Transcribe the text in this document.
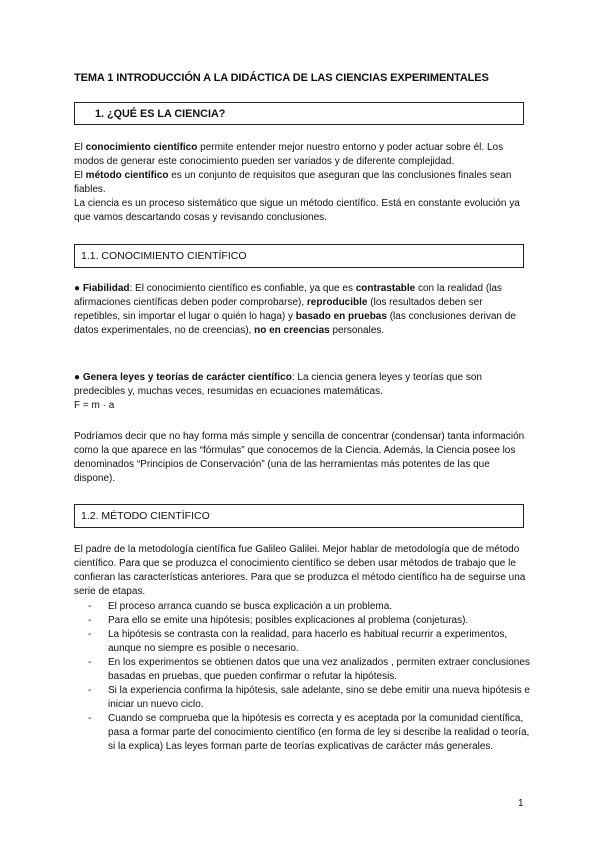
TEMA 1 INTRODUCCIÓN A LA DIDÁCTICA DE LAS CIENCIAS EXPERIMENTALES
1. ¿QUÉ ES LA CIENCIA?

El conocimiento científico permite entender mejor nuestro entorno y poder actuar sobre él. Los modos de generar este conocimiento pueden ser variados y de diferente complejidad.
El método científico es un conjunto de requisitos que aseguran que las conclusiones finales sean fiables.
La ciencia es un proceso sistemático que sigue un método científico. Está en constante evolución ya que vamos descartando cosas y revisando conclusiones.

1.1. CONOCIMIENTO CIENTÍFICO

● Fiabilidad: El conocimiento científico es confiable, ya que es contrastable con la realidad (las afirmaciones científicas deben poder comprobarse), reproducible (los resultados deben ser repetibles, sin importar el lugar o quién lo haga) y basado en pruebas (las conclusiones derivan de datos experimentales, no de creencias), no en creencias personales.

● Genera leyes y teorías de carácter científico: La ciencia genera leyes y teorías que son predecibles y, muchas veces, resumidas en ecuaciones matemáticas.
F = m · a

Podríamos decir que no hay forma más simple y sencilla de concentrar (condensar) tanta información como la que aparece en las “fórmulas” que conocemos de la Ciencia. Además, la Ciencia posee los denominados “Principios de Conservación” (una de las herramientas más potentes de las que dispone).

1.2. MÉTODO CIENTÍFICO

El padre de la metodología científica fue Galileo Galilei. Mejor hablar de metodología que de método científico. Para que se produzca el conocimiento científico se deben usar métodos de trabajo que le confieran las características anteriores. Para que se produzca el método científico ha de seguirse una serie de etapas.

- El proceso arranca cuando se busca explicación a un problema.
- Para ello se emite una hipótesis; posibles explicaciones al problema (conjeturas).
- La hipótesis se contrasta con la realidad, para hacerlo es habitual recurrir a experimentos, aunque no siempre es posible o necesario.
- En los experimentos se obtienen datos que una vez analizados , permiten extraer conclusiones basadas en pruebas, que pueden confirmar o refutar la hipótesis.
- Si la experiencia confirma la hipótesis, sale adelante, sino se debe emitir una nueva hipótesis e iniciar un nuevo ciclo.
- Cuando se comprueba que la hipótesis es correcta y es aceptada por la comunidad científica, pasa a formar parte del conocimiento científico (en forma de ley si describe la realidad o teoría, si la explica) Las leyes forman parte de teorías explicativas de carácter más generales.
1
